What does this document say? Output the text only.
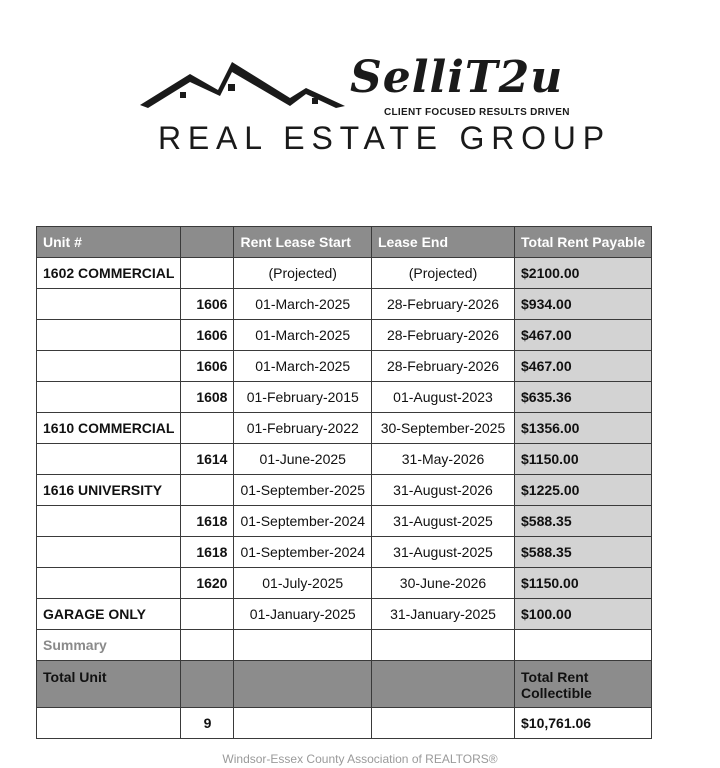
SelliT2u
CLIENT FOCUSED RESULTS DRIVEN
REAL ESTATE GROUP
Unit #		Rent Lease Start	Lease End	Total Rent Payable
1602 COMMERCIAL		(Projected)	(Projected)	$2100.00
	1606	01-March-2025	28-February-2026	$934.00
	1606	01-March-2025	28-February-2026	$467.00
	1606	01-March-2025	28-February-2026	$467.00
	1608	01-February-2015	01-August-2023	$635.36
1610 COMMERCIAL		01-February-2022	30-September-2025	$1356.00
	1614	01-June-2025	31-May-2026	$1150.00
1616 UNIVERSITY		01-September-2025	31-August-2026	$1225.00
	1618	01-September-2024	31-August-2025	$588.35
	1618	01-September-2024	31-August-2025	$588.35
	1620	01-July-2025	30-June-2026	$1150.00
GARAGE ONLY		01-January-2025	31-January-2025	$100.00
Summary				
Total Unit				Total Rent
Collectible

	9			$10,761.06
Windsor-Essex County Association of REALTORS®
